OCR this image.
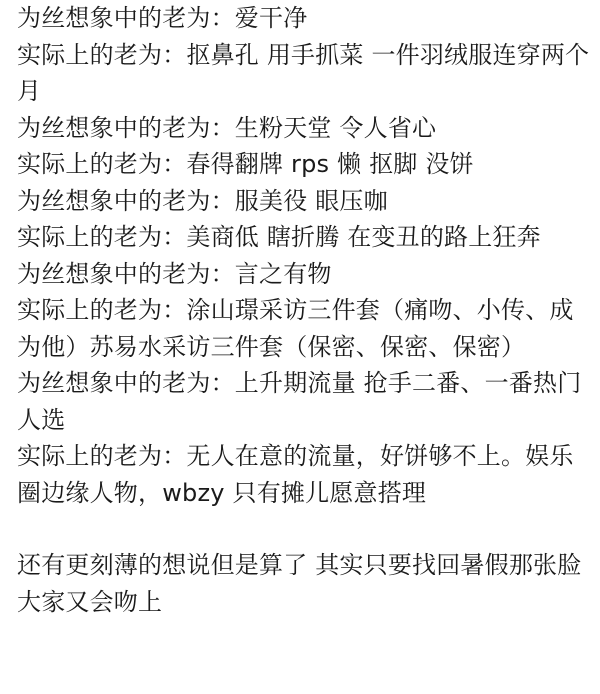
为丝想象中的老为：爱干净

实际上的老为：抠鼻孔 用手抓菜 一件羽绒服连穿两个月

为丝想象中的老为：生粉天堂 令人省心

实际上的老为：春得翻牌 rps 懒 抠脚 没饼

为丝想象中的老为：服美役 眼压咖

实际上的老为：美商低 瞎折腾 在变丑的路上狂奔

为丝想象中的老为：言之有物

实际上的老为：涂山璟采访三件套（痛吻、小传、成为他）苏易水采访三件套（保密、保密、保密）

为丝想象中的老为：上升期流量 抢手二番、一番热门人选

实际上的老为：无人在意的流量，好饼够不上。娱乐圈边缘人物，wbzy 只有摊儿愿意搭理

还有更刻薄的想说但是算了 其实只要找回暑假那张脸大家又会吻上
